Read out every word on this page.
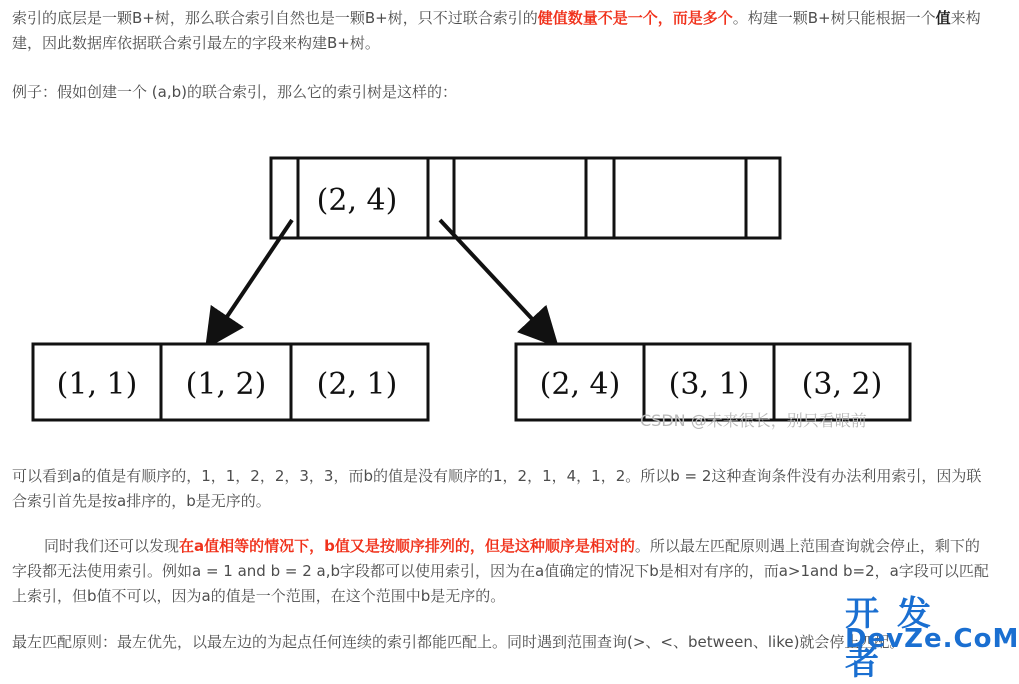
索引的底层是一颗B+树，那么联合索引自然也是一颗B+树，只不过联合索引的健值数量不是一个，而是多个。构建一颗B+树只能根据一个值来构建，因此数据库依据联合索引最左的字段来构建B+树。

例子：假如创建一个 (a,b)的联合索引，那么它的索引树是这样的：

(2, 4)
(1, 1) (1, 2) (2, 1)	(2, 4) (3, 1) (3, 2)
CSDN @未来很长，别只看眼前

可以看到a的值是有顺序的，1，1，2，2，3，3，而b的值是没有顺序的1，2，1，4，1，2。所以b = 2这种查询条件没有办法利用索引，因为联合索引首先是按a排序的，b是无序的。

同时我们还可以发现在a值相等的情况下，b值又是按顺序排列的，但是这种顺序是相对的。所以最左匹配原则遇上范围查询就会停止，剩下的字段都无法使用索引。例如a = 1 and b = 2 a,b字段都可以使用索引，因为在a值确定的情况下b是相对有序的，而a>1and b=2，a字段可以匹配上索引，但b值不可以，因为a的值是一个范围，在这个范围中b是无序的。

最左匹配原则：最左优先，以最左边的为起点任何连续的索引都能匹配上。同时遇到范围查询(>、<、between、like)就会停止匹配。

开发者
DevZe.CoM
